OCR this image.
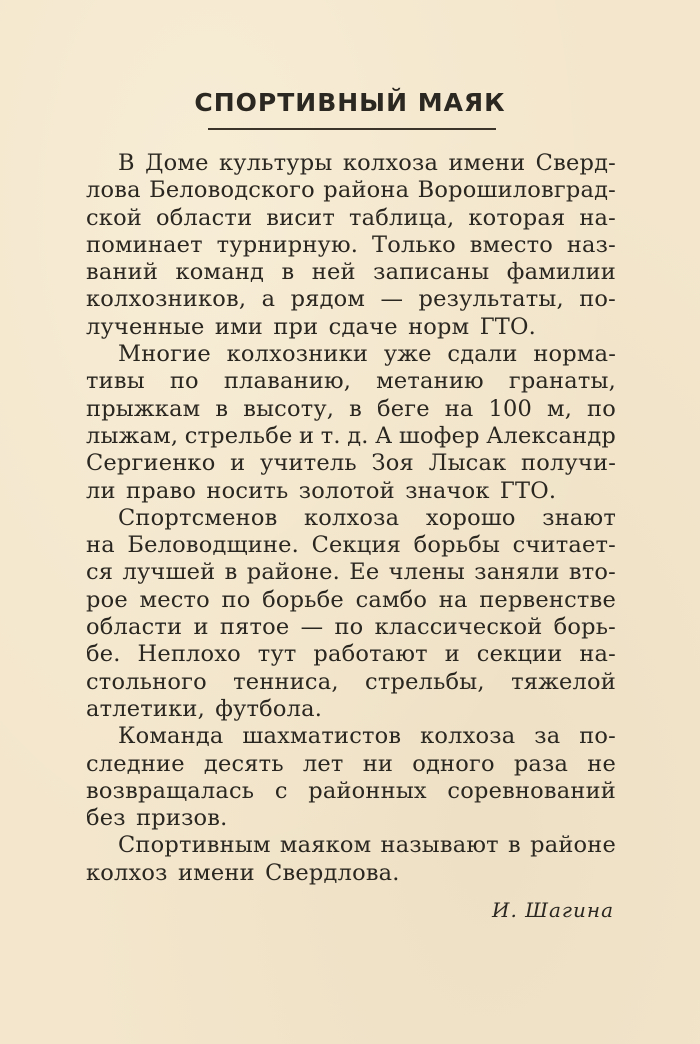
СПОРТИВНЫЙ МАЯК
В Доме культуры колхоза имени Сверд-
лова Беловодского района Ворошиловград-
ской области висит таблица, которая на-
поминает турнирную. Только вместо наз-
ваний команд в ней записаны фамилии
колхозников, а рядом — результаты, по-
лученные ими при сдаче норм ГТО.
Многие колхозники уже сдали норма-
тивы по плаванию, метанию гранаты,
прыжкам в высоту, в беге на 100 м, по
лыжам, стрельбе и т. д. А шофер Александр
Сергиенко и учитель Зоя Лысак получи-
ли право носить золотой значок ГТО.
Спортсменов колхоза хорошо знают
на Беловодщине. Секция борьбы считает-
ся лучшей в районе. Ее члены заняли вто-
рое место по борьбе самбо на первенстве
области и пятое — по классической борь-
бе. Неплохо тут работают и секции на-
стольного тенниса, стрельбы, тяжелой
атлетики, футбола.
Команда шахматистов колхоза за по-
следние десять лет ни одного раза не
возвращалась с районных соревнований
без призов.
Спортивным маяком называют в районе
колхоз имени Свердлова.
И. Шагина
